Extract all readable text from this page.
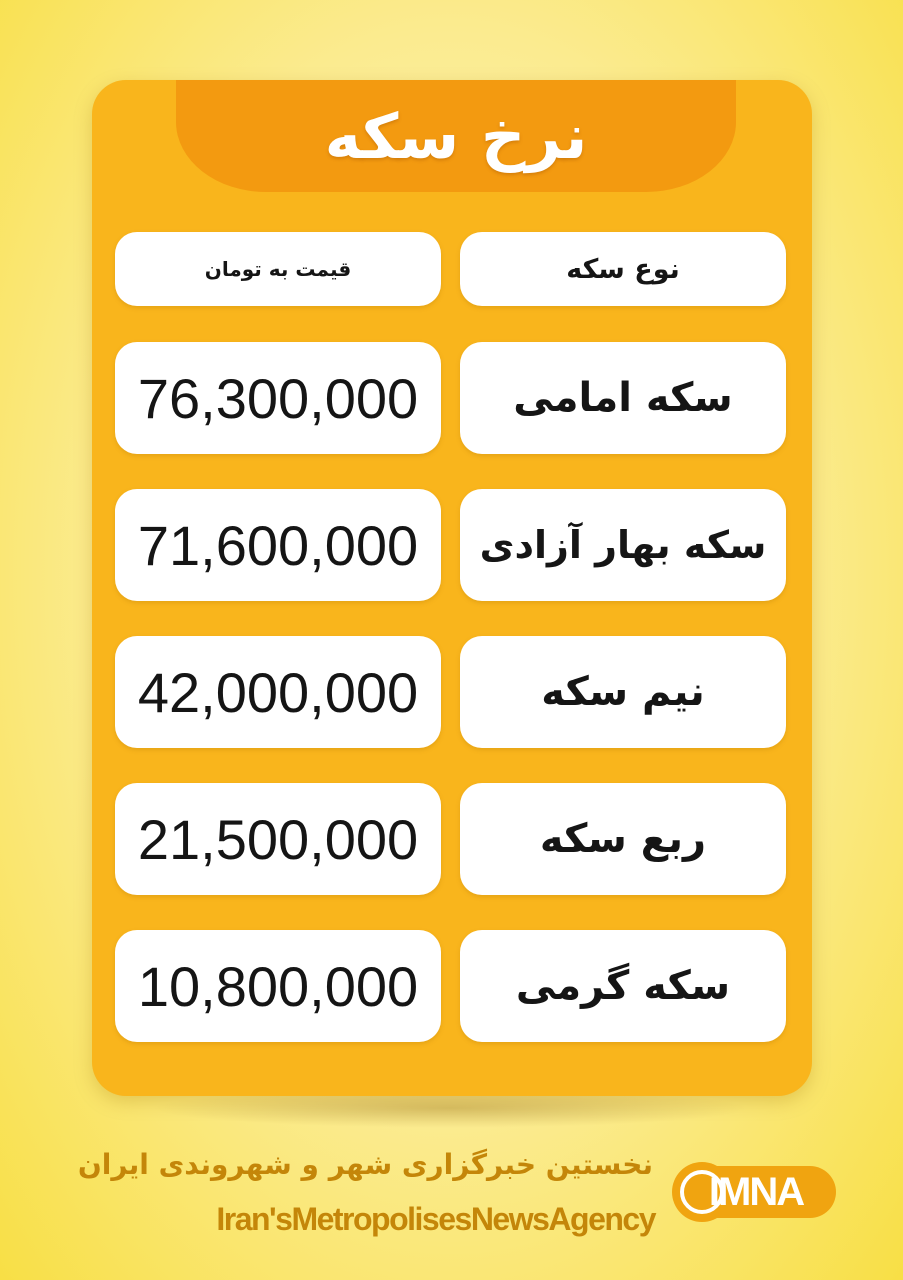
نرخ سکه
قیمت به تومان	نوع سکه
76,300,000	سکه امامی
71,600,000	سکه بهار آزادی
42,000,000	نیم سکه
21,500,000	ربع سکه
10,800,000	سکه گرمی
نخستین خبرگزاری شهر و شهروندی ایران
Iran'sMetropolisesNewsAgency
IMNA
